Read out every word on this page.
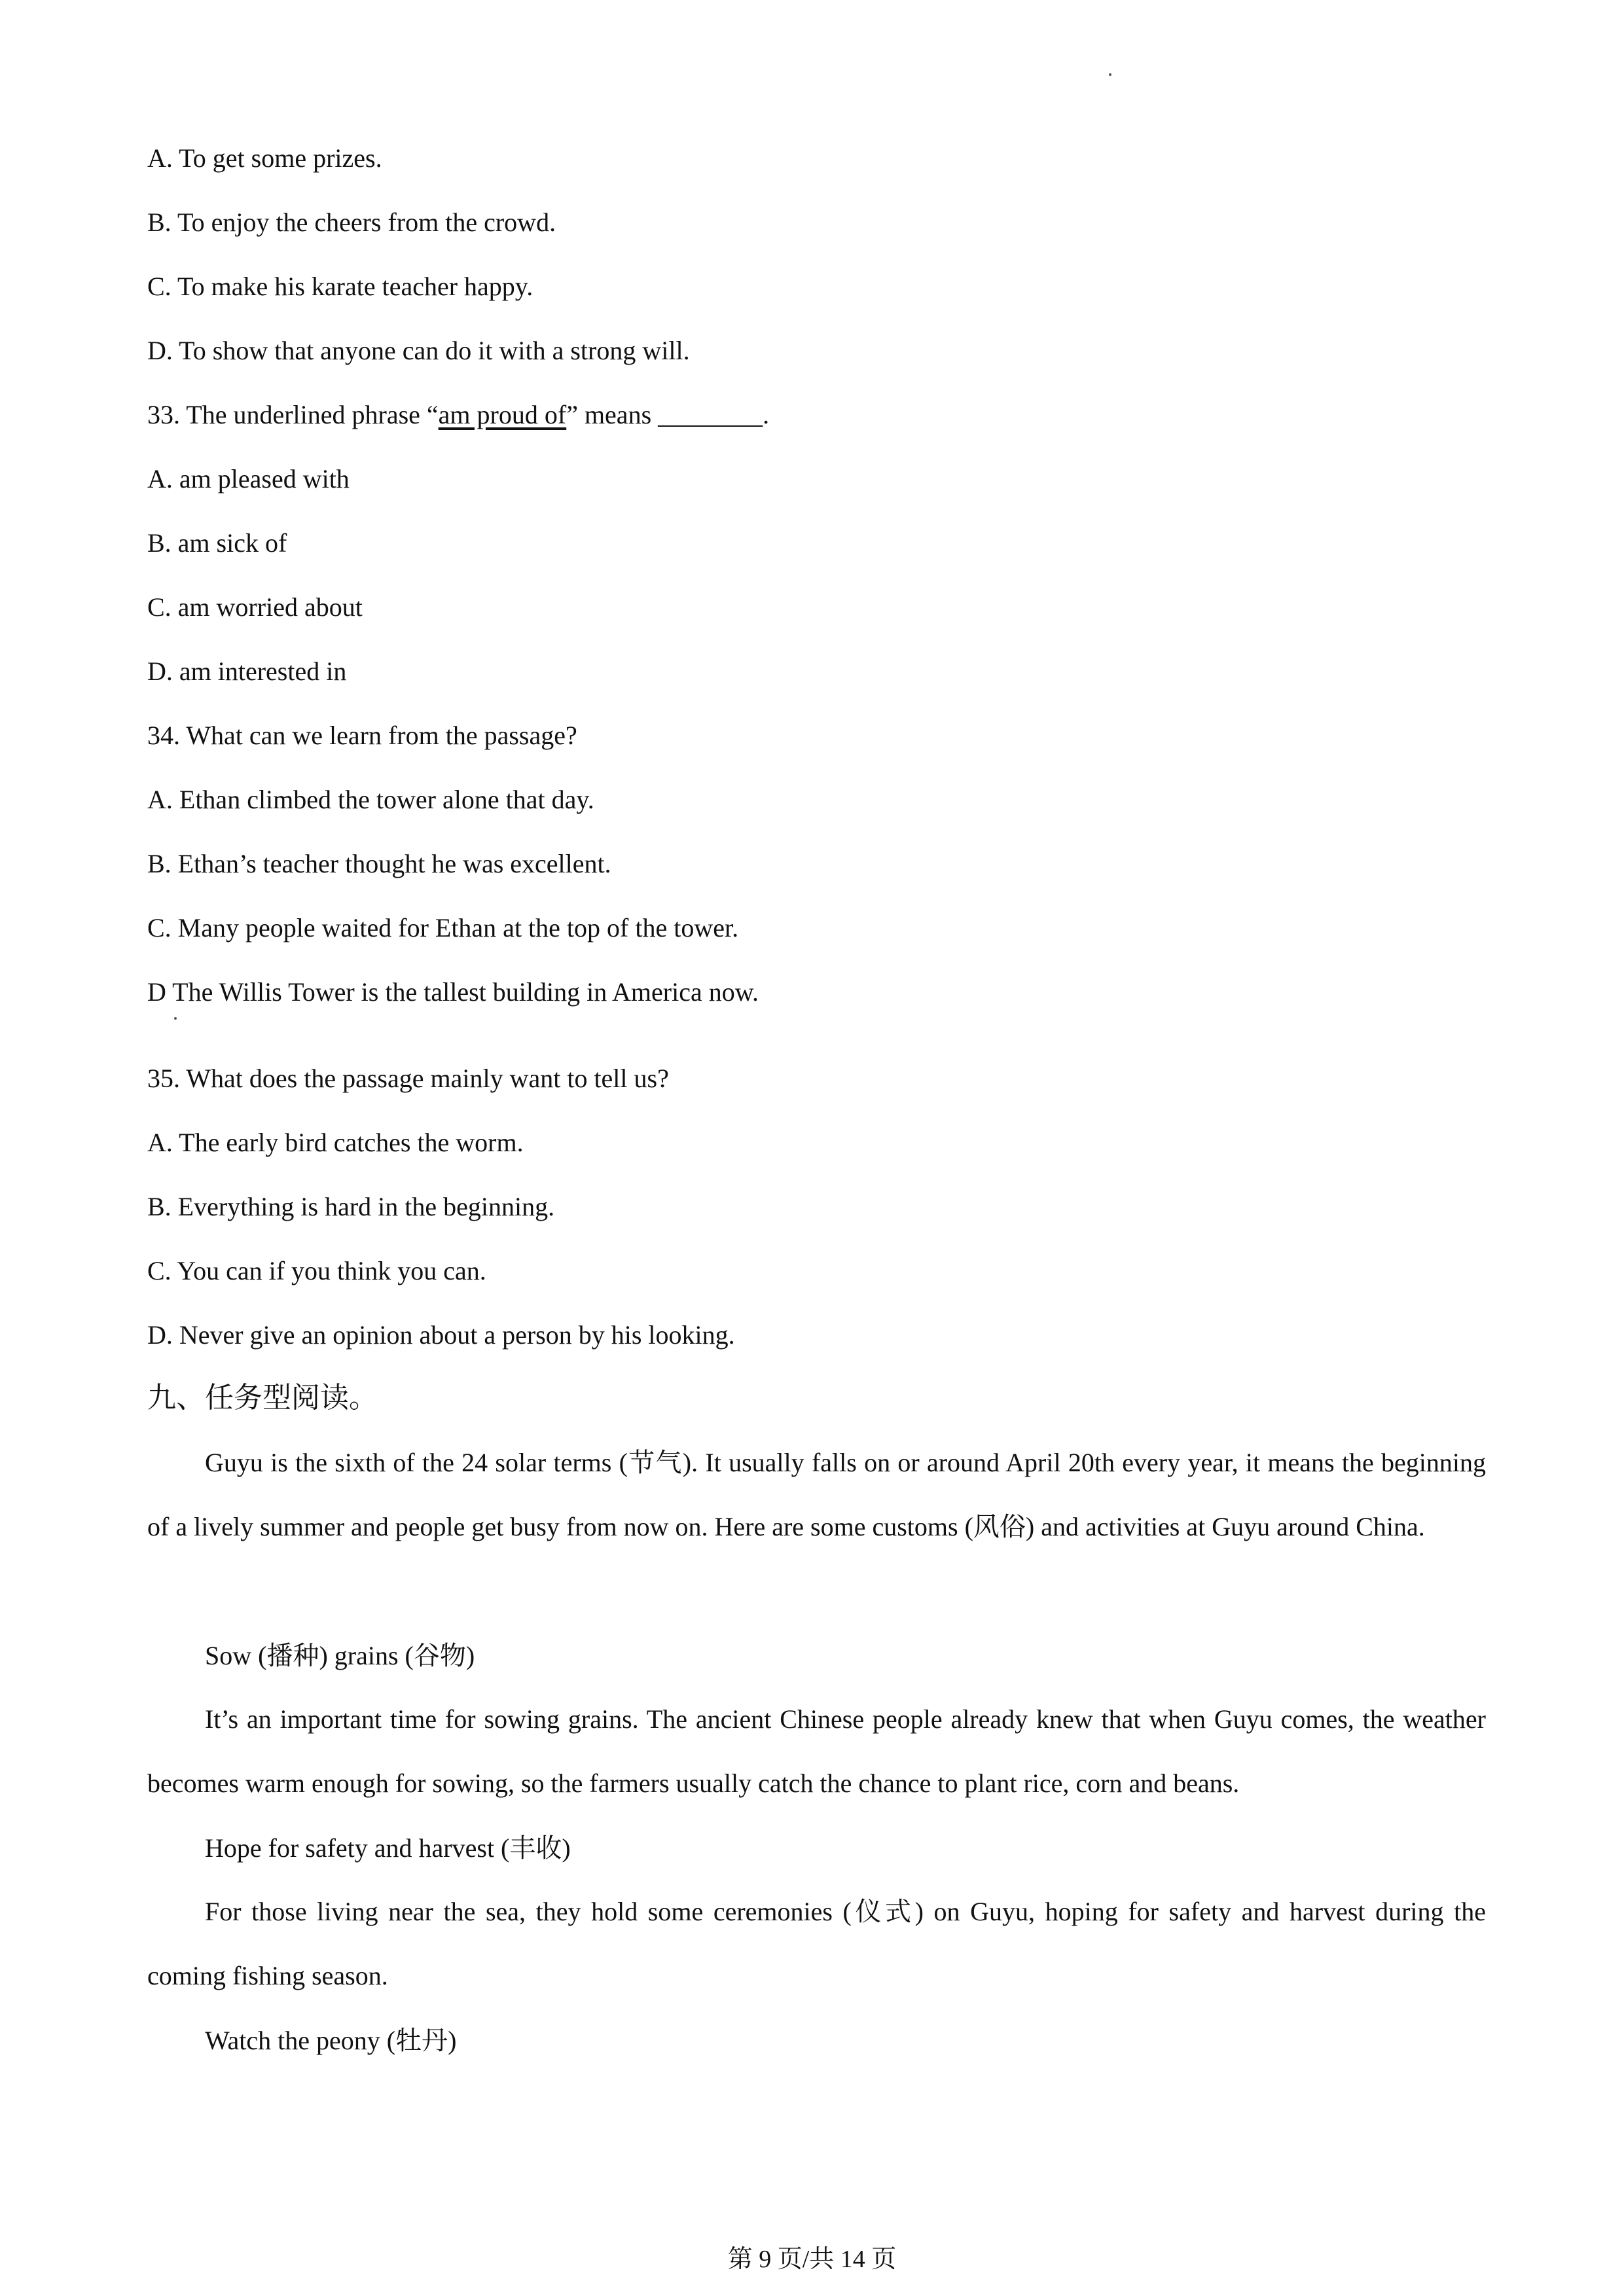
A. To get some prizes.
B. To enjoy the cheers from the crowd.
C. To make his karate teacher happy.
D. To show that anyone can do it with a strong will.
33. The underlined phrase “am proud of” means ________.
A. am pleased with
B. am sick of
C. am worried about
D. am interested in
34. What can we learn from the passage?
A. Ethan climbed the tower alone that day.
B. Ethan’s teacher thought he was excellent.
C. Many people waited for Ethan at the top of the tower.
D The Willis Tower is the tallest building in America now.
35. What does the passage mainly want to tell us?
A. The early bird catches the worm.
B. Everything is hard in the beginning.
C. You can if you think you can.
D. Never give an opinion about a person by his looking.
九、任务型阅读。
Guyu is the sixth of the 24 solar terms (节气). It usually falls on or around April 20th every year, it means the beginning of a lively summer and people get busy from now on. Here are some customs (风俗) and activities at Guyu around China.
Sow (播种) grains (谷物)
It’s an important time for sowing grains. The ancient Chinese people already knew that when Guyu comes, the weather becomes warm enough for sowing, so the farmers usually catch the chance to plant rice, corn and beans.
Hope for safety and harvest (丰收)
For those living near the sea, they hold some ceremonies (仪式) on Guyu, hoping for safety and harvest during the coming fishing season.
Watch the peony (牡丹)
第 9 页/共 14 页
